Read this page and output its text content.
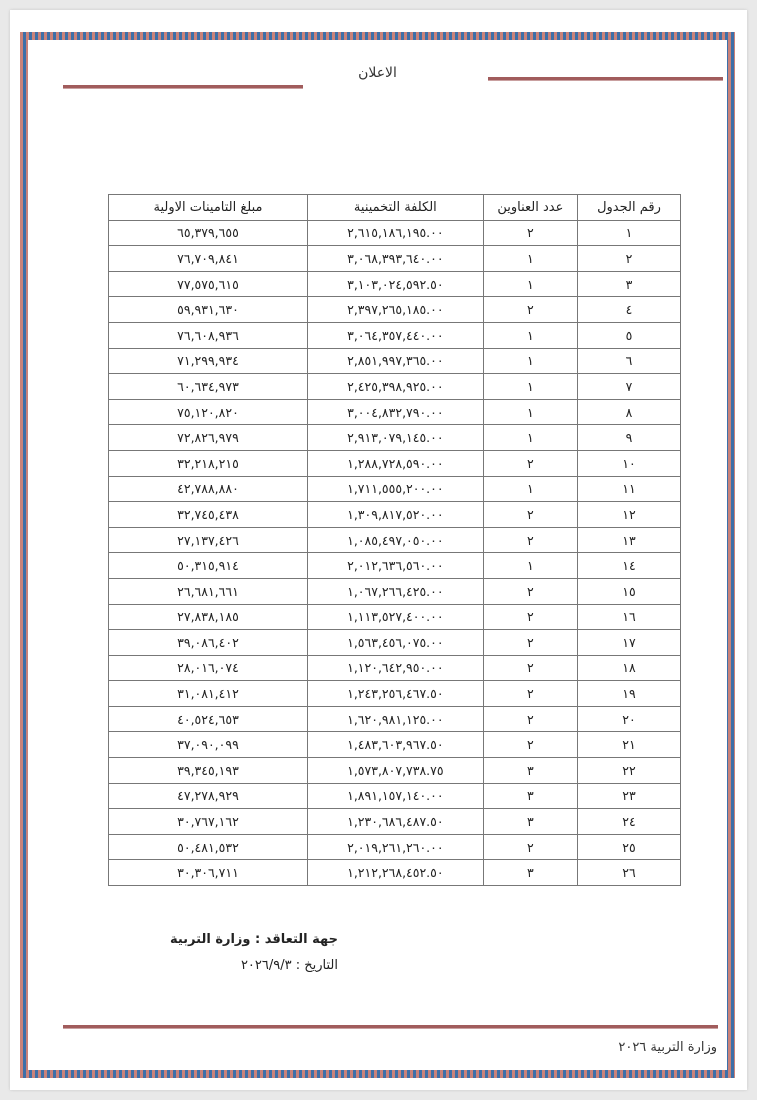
الاعلان
رقم الجدول	عدد العناوين	الكلفة التخمينية	مبلغ التامينات الاولية
١	٢	٢,٦١٥,١٨٦,١٩٥.٠٠	٦٥,٣٧٩,٦٥٥
٢	١	٣,٠٦٨,٣٩٣,٦٤٠.٠٠	٧٦,٧٠٩,٨٤١
٣	١	٣,١٠٣,٠٢٤,٥٩٢.٥٠	٧٧,٥٧٥,٦١٥
٤	٢	٢,٣٩٧,٢٦٥,١٨٥.٠٠	٥٩,٩٣١,٦٣٠
٥	١	٣,٠٦٤,٣٥٧,٤٤٠.٠٠	٧٦,٦٠٨,٩٣٦
٦	١	٢,٨٥١,٩٩٧,٣٦٥.٠٠	٧١,٢٩٩,٩٣٤
٧	١	٢,٤٢٥,٣٩٨,٩٢٥.٠٠	٦٠,٦٣٤,٩٧٣
٨	١	٣,٠٠٤,٨٣٢,٧٩٠.٠٠	٧٥,١٢٠,٨٢٠
٩	١	٢,٩١٣,٠٧٩,١٤٥.٠٠	٧٢,٨٢٦,٩٧٩
١٠	٢	١,٢٨٨,٧٢٨,٥٩٠.٠٠	٣٢,٢١٨,٢١٥
١١	١	١,٧١١,٥٥٥,٢٠٠.٠٠	٤٢,٧٨٨,٨٨٠
١٢	٢	١,٣٠٩,٨١٧,٥٢٠.٠٠	٣٢,٧٤٥,٤٣٨
١٣	٢	١,٠٨٥,٤٩٧,٠٥٠.٠٠	٢٧,١٣٧,٤٢٦
١٤	١	٢,٠١٢,٦٣٦,٥٦٠.٠٠	٥٠,٣١٥,٩١٤
١٥	٢	١,٠٦٧,٢٦٦,٤٢٥.٠٠	٢٦,٦٨١,٦٦١
١٦	٢	١,١١٣,٥٢٧,٤٠٠.٠٠	٢٧,٨٣٨,١٨٥
١٧	٢	١,٥٦٣,٤٥٦,٠٧٥.٠٠	٣٩,٠٨٦,٤٠٢
١٨	٢	١,١٢٠,٦٤٢,٩٥٠.٠٠	٢٨,٠١٦,٠٧٤
١٩	٢	١,٢٤٣,٢٥٦,٤٦٧.٥٠	٣١,٠٨١,٤١٢
٢٠	٢	١,٦٢٠,٩٨١,١٢٥.٠٠	٤٠,٥٢٤,٦٥٣
٢١	٢	١,٤٨٣,٦٠٣,٩٦٧.٥٠	٣٧,٠٩٠,٠٩٩
٢٢	٣	١,٥٧٣,٨٠٧,٧٣٨.٧٥	٣٩,٣٤٥,١٩٣
٢٣	٣	١,٨٩١,١٥٧,١٤٠.٠٠	٤٧,٢٧٨,٩٢٩
٢٤	٣	١,٢٣٠,٦٨٦,٤٨٧.٥٠	٣٠,٧٦٧,١٦٢
٢٥	٢	٢,٠١٩,٢٦١,٢٦٠.٠٠	٥٠,٤٨١,٥٣٢
٢٦	٣	١,٢١٢,٢٦٨,٤٥٢.٥٠	٣٠,٣٠٦,٧١١
جهة التعاقد : وزارة التربية
التاريخ : ٢٠٢٦/٩/٣
وزارة التربية ٢٠٢٦
